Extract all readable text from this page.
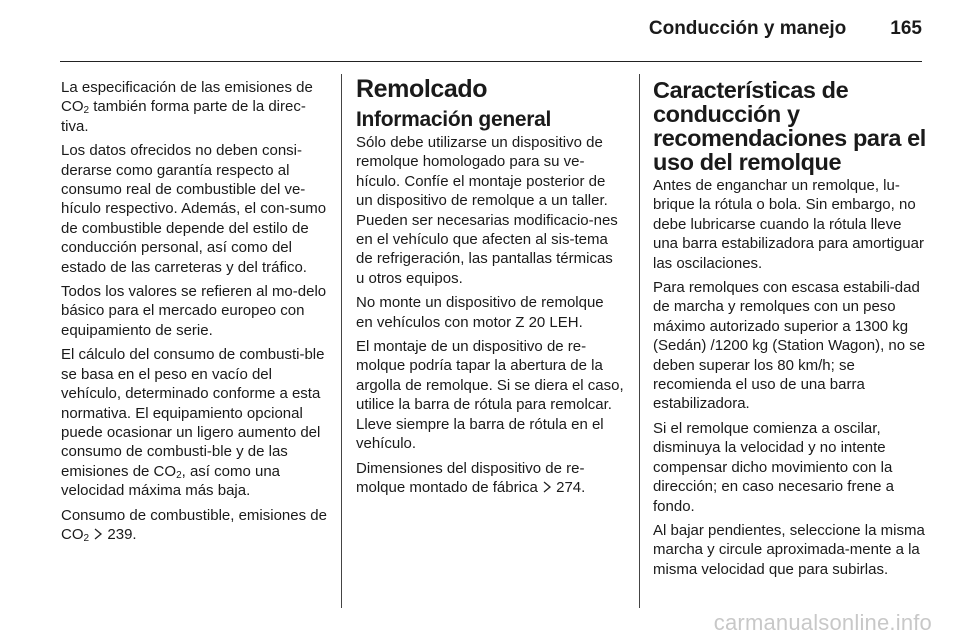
Conducción y manejo 165

La especificación de las emisiones de $CO_2$ también forma parte de la direc-tiva.

Los datos ofrecidos no deben consi-derarse como garantía respecto al consumo real de combustible del ve-hículo respectivo. Además, el con-sumo de combustible depende del estilo de conducción personal, así como del estado de las carreteras y del tráfico.

Todos los valores se refieren al mo-delo básico para el mercado europeo con equipamiento de serie.

El cálculo del consumo de combusti-ble se basa en el peso en vacío del vehículo, determinado conforme a esta normativa. El equipamiento opcional puede ocasionar un ligero aumento del consumo de combusti-ble y de las emisiones de $CO_2$, así como una velocidad máxima más baja.

Consumo de combustible, emisiones de $CO_2$ 239.

Remolcado
Información general

Sólo debe utilizarse un dispositivo de remolque homologado para su ve-hículo. Confíe el montaje posterior de un dispositivo de remolque a un taller. Pueden ser necesarias modificacio-nes en el vehículo que afecten al sis-tema de refrigeración, las pantallas térmicas u otros equipos.

No monte un dispositivo de remolque en vehículos con motor Z 20 LEH.

El montaje de un dispositivo de re-molque podría tapar la abertura de la argolla de remolque. Si se diera el caso, utilice la barra de rótula para remolcar. Lleve siempre la barra de rótula en el vehículo.

Dimensiones del dispositivo de re-molque montado de fábrica 274.

Características de conducción y recomendaciones para el uso del remolque

Antes de enganchar un remolque, lu-brique la rótula o bola. Sin embargo, no debe lubricarse cuando la rótula lleve una barra estabilizadora para amortiguar las oscilaciones.

Para remolques con escasa estabili-dad de marcha y remolques con un peso máximo autorizado superior a 1300 kg (Sedán) /1200 kg (Station Wagon), no se deben superar los 80 km/h; se recomienda el uso de una barra estabilizadora.

Si el remolque comienza a oscilar, disminuya la velocidad y no intente compensar dicho movimiento con la dirección; en caso necesario frene a fondo.

Al bajar pendientes, seleccione la misma marcha y circule aproximada-mente a la misma velocidad que para subirlas.

carmanualsonline.info
